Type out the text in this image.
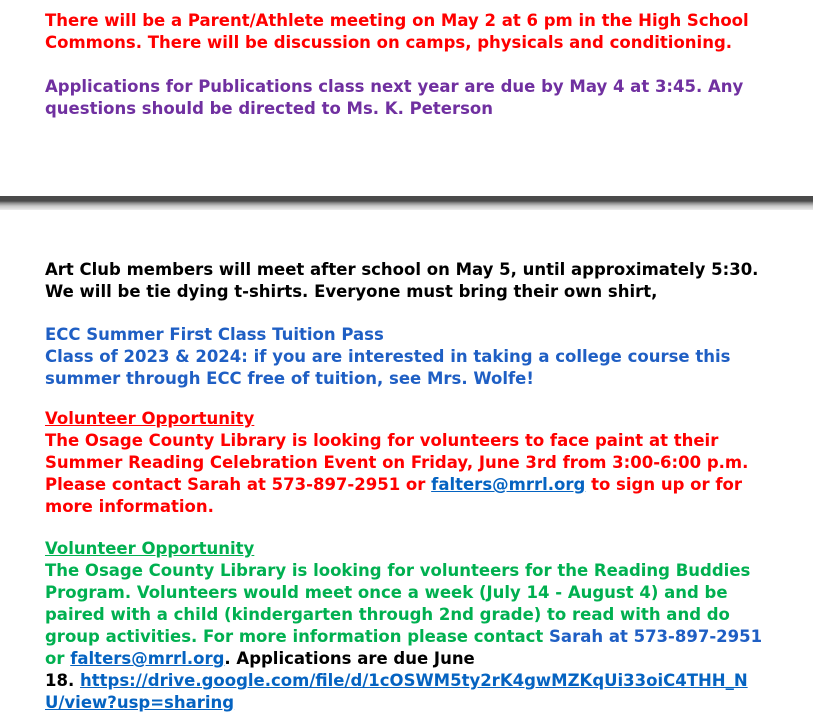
There will be a Parent/Athlete meeting on May 2 at 6 pm in the High School
Commons. There will be discussion on camps, physicals and conditioning.
Applications for Publications class next year are due by May 4 at 3:45. Any
questions should be directed to Ms. K. Peterson
Art Club members will meet after school on May 5, until approximately 5:30.
We will be tie dying t-shirts. Everyone must bring their own shirt,
ECC Summer First Class Tuition Pass
Class of 2023 & 2024: if you are interested in taking a college course this
summer through ECC free of tuition, see Mrs. Wolfe!
Volunteer Opportunity
The Osage County Library is looking for volunteers to face paint at their
Summer Reading Celebration Event on Friday, June 3rd from 3:00-6:00 p.m.
Please contact Sarah at 573-897-2951 or falters@mrrl.org to sign up or for
more information.
Volunteer Opportunity
The Osage County Library is looking for volunteers for the Reading Buddies
Program. Volunteers would meet once a week (July 14 - August 4) and be
paired with a child (kindergarten through 2nd grade) to read with and do
group activities. For more information please contact Sarah at 573-897-2951
or falters@mrrl.org. Applications are due June
18. https://drive.google.com/file/d/1cOSWM5ty2rK4gwMZKqUi33oiC4THH_N
U/view?usp=sharing
